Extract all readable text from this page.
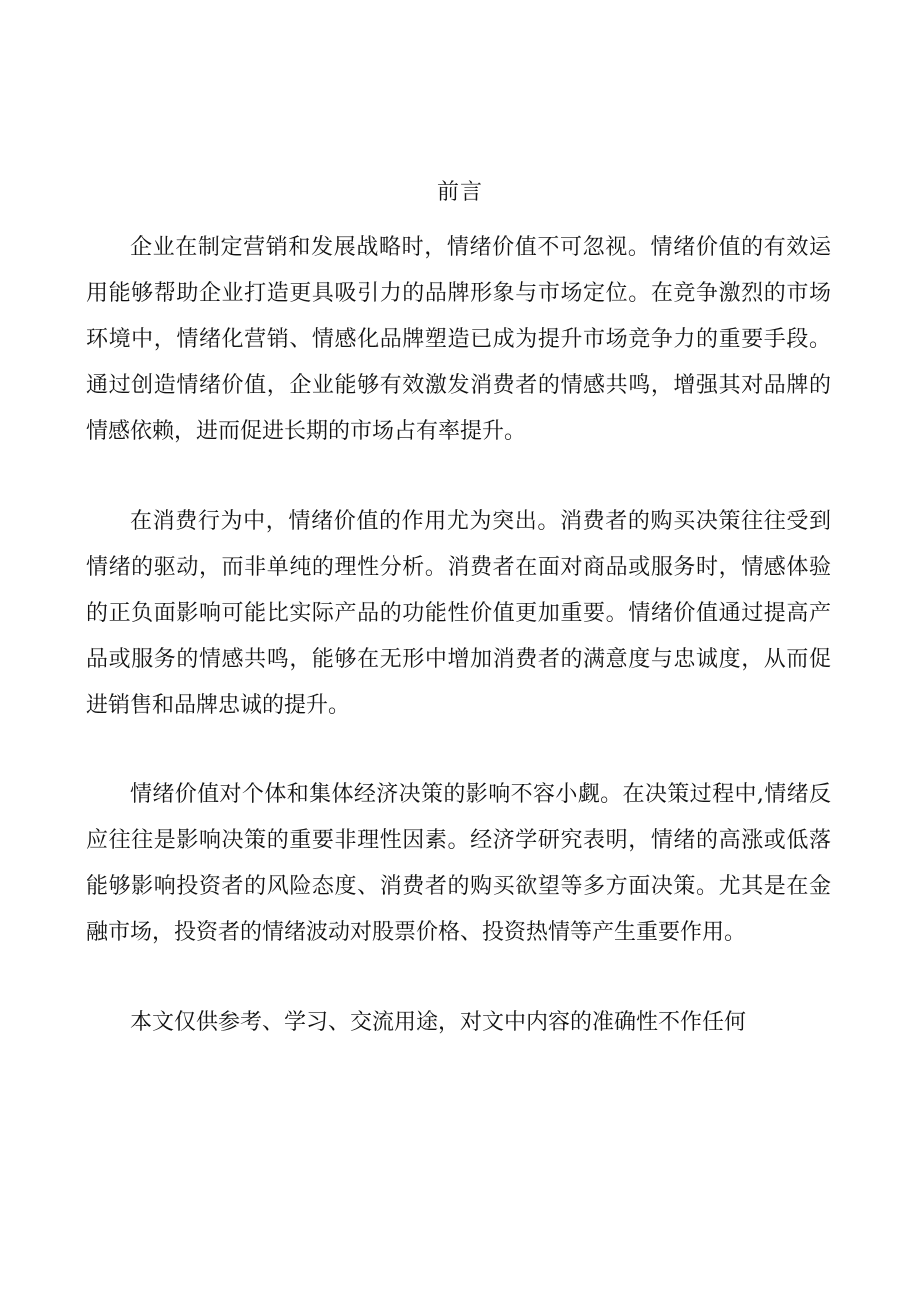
前言

企业在制定营销和发展战略时，情绪价值不可忽视。情绪价值的有效运用能够帮助企业打造更具吸引力的品牌形象与市场定位。在竞争激烈的市场环境中，情绪化营销、情感化品牌塑造已成为提升市场竞争力的重要手段。通过创造情绪价值，企业能够有效激发消费者的情感共鸣，增强其对品牌的情感依赖，进而促进长期的市场占有率提升。

在消费行为中，情绪价值的作用尤为突出。消费者的购买决策往往受到情绪的驱动，而非单纯的理性分析。消费者在面对商品或服务时，情感体验的正负面影响可能比实际产品的功能性价值更加重要。情绪价值通过提高产品或服务的情感共鸣，能够在无形中增加消费者的满意度与忠诚度，从而促进销售和品牌忠诚的提升。

情绪价值对个体和集体经济决策的影响不容小觑。在决策过程中,情绪反应往往是影响决策的重要非理性因素。经济学研究表明，情绪的高涨或低落能够影响投资者的风险态度、消费者的购买欲望等多方面决策。尤其是在金融市场，投资者的情绪波动对股票价格、投资热情等产生重要作用。

本文仅供参考、学习、交流用途，对文中内容的准确性不作任何
